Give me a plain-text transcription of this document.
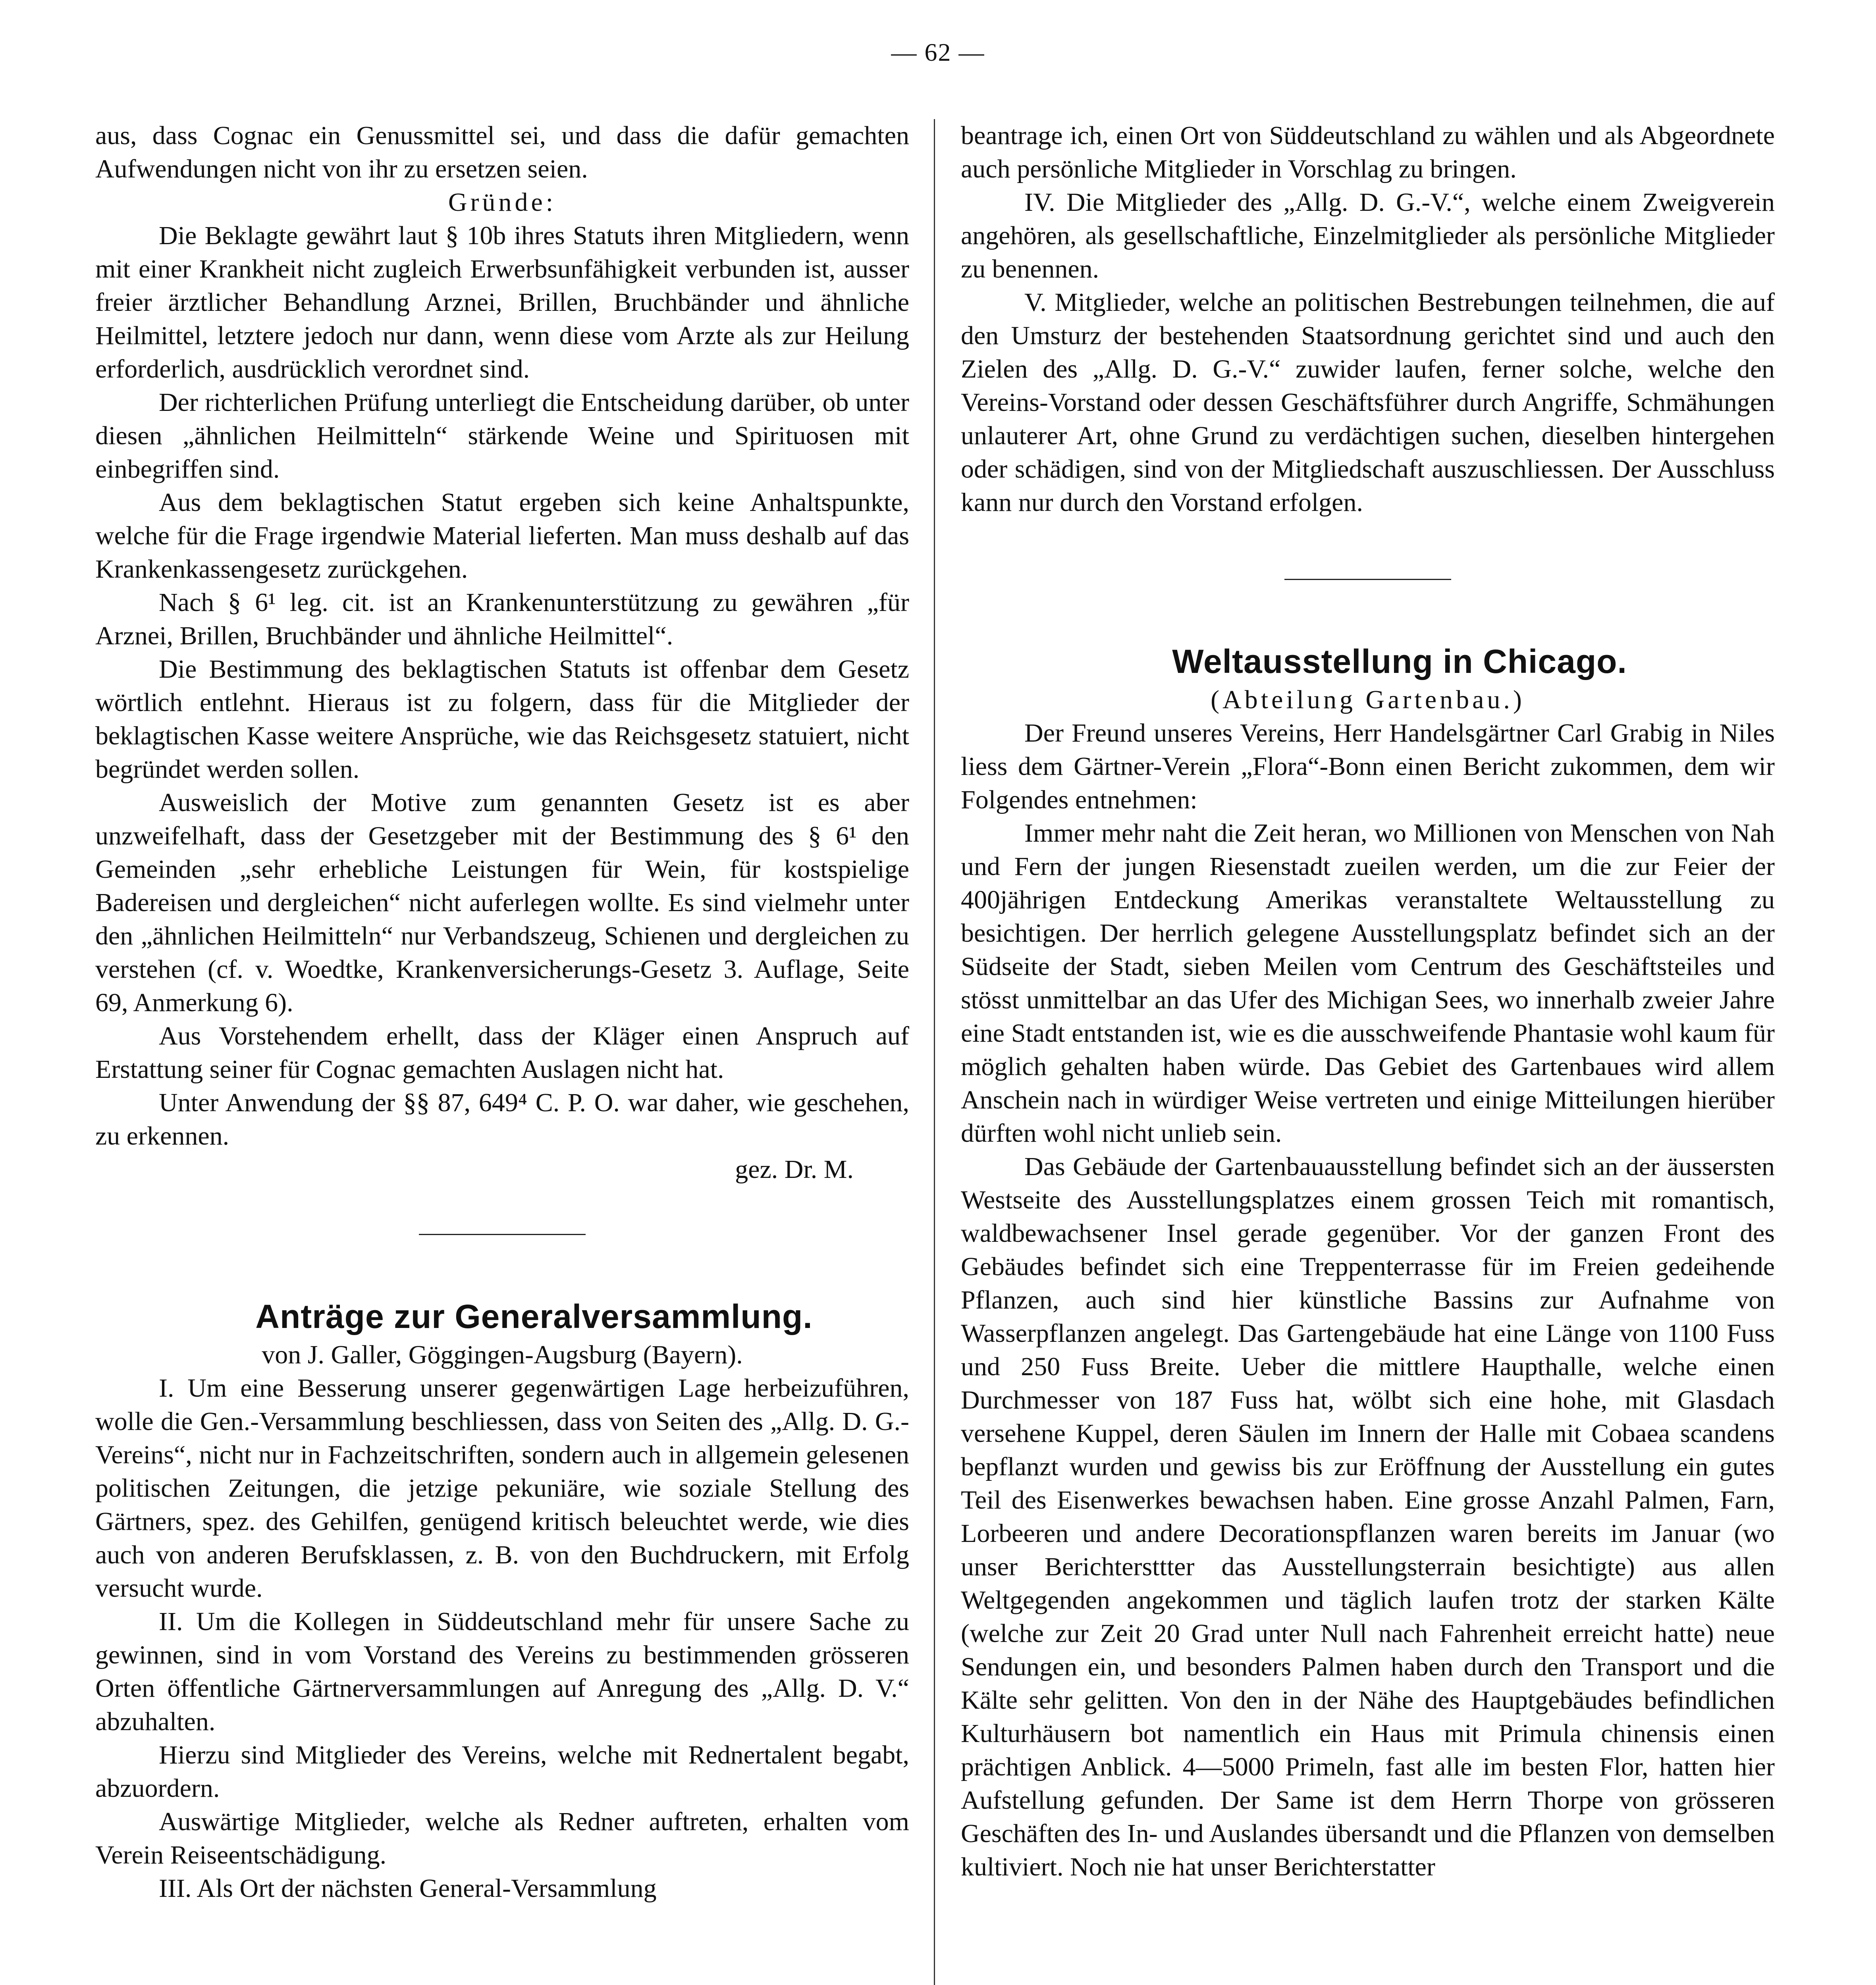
— 62 —

aus, dass Cognac ein Genussmittel sei, und dass die dafür gemachten Aufwendungen nicht von ihr zu ersetzen seien.

Gründe:

Die Beklagte gewährt laut § 10b ihres Statuts ihren Mitgliedern, wenn mit einer Krankheit nicht zugleich Erwerbsunfähigkeit verbunden ist, ausser freier ärztlicher Behandlung Arznei, Brillen, Bruchbänder und ähnliche Heilmittel, letztere jedoch nur dann, wenn diese vom Arzte als zur Heilung erforderlich, ausdrücklich verordnet sind.

Der richterlichen Prüfung unterliegt die Entscheidung darüber, ob unter diesen „ähnlichen Heilmitteln“ stärkende Weine und Spirituosen mit einbegriffen sind.

Aus dem beklagtischen Statut ergeben sich keine Anhaltspunkte, welche für die Frage irgendwie Material lieferten. Man muss deshalb auf das Krankenkassengesetz zurückgehen.

Nach § 6¹ leg. cit. ist an Krankenunterstützung zu gewähren „für Arznei, Brillen, Bruchbänder und ähnliche Heilmittel“.

Die Bestimmung des beklagtischen Statuts ist offenbar dem Gesetz wörtlich entlehnt. Hieraus ist zu folgern, dass für die Mitglieder der beklagtischen Kasse weitere Ansprüche, wie das Reichsgesetz statuiert, nicht begründet werden sollen.

Ausweislich der Motive zum genannten Gesetz ist es aber unzweifelhaft, dass der Gesetzgeber mit der Bestimmung des § 6¹ den Gemeinden „sehr erhebliche Leistungen für Wein, für kostspielige Badereisen und dergleichen“ nicht auferlegen wollte. Es sind vielmehr unter den „ähnlichen Heilmitteln“ nur Verbandszeug, Schienen und dergleichen zu verstehen (cf. v. Woedtke, Krankenversicherungs-Gesetz 3. Auflage, Seite 69, Anmerkung 6).

Aus Vorstehendem erhellt, dass der Kläger einen Anspruch auf Erstattung seiner für Cognac gemachten Auslagen nicht hat.

Unter Anwendung der §§ 87, 649⁴ C. P. O. war daher, wie geschehen, zu erkennen.

gez. Dr. M.

Anträge zur Generalversammlung.

von J. Galler, Göggingen-Augsburg (Bayern).

I. Um eine Besserung unserer gegenwärtigen Lage herbeizuführen, wolle die Gen.-Versammlung beschliessen, dass von Seiten des „Allg. D. G.-Vereins“, nicht nur in Fachzeitschriften, sondern auch in allgemein gelesenen politischen Zeitungen, die jetzige pekuniäre, wie soziale Stellung des Gärtners, spez. des Gehilfen, genügend kritisch beleuchtet werde, wie dies auch von anderen Berufsklassen, z. B. von den Buchdruckern, mit Erfolg versucht wurde.

II. Um die Kollegen in Süddeutschland mehr für unsere Sache zu gewinnen, sind in vom Vorstand des Vereins zu bestimmenden grösseren Orten öffentliche Gärtnerversammlungen auf Anregung des „Allg. D. V.“ abzuhalten.

Hierzu sind Mitglieder des Vereins, welche mit Rednertalent begabt, abzuordern.

Auswärtige Mitglieder, welche als Redner auftreten, erhalten vom Verein Reiseentschädigung.

III. Als Ort der nächsten General-Versammlung

beantrage ich, einen Ort von Süddeutschland zu wählen und als Abgeordnete auch persönliche Mitglieder in Vorschlag zu bringen.

IV. Die Mitglieder des „Allg. D. G.-V.“, welche einem Zweigverein angehören, als gesellschaftliche, Einzelmitglieder als persönliche Mitglieder zu benennen.

V. Mitglieder, welche an politischen Bestrebungen teilnehmen, die auf den Umsturz der bestehenden Staatsordnung gerichtet sind und auch den Zielen des „Allg. D. G.-V.“ zuwider laufen, ferner solche, welche den Vereins-Vorstand oder dessen Geschäftsführer durch Angriffe, Schmähungen unlauterer Art, ohne Grund zu verdächtigen suchen, dieselben hintergehen oder schädigen, sind von der Mitgliedschaft auszuschliessen. Der Ausschluss kann nur durch den Vorstand erfolgen.

Weltausstellung in Chicago.

(Abteilung Gartenbau.)

Der Freund unseres Vereins, Herr Handelsgärtner Carl Grabig in Niles liess dem Gärtner-Verein „Flora“-Bonn einen Bericht zukommen, dem wir Folgendes entnehmen:

Immer mehr naht die Zeit heran, wo Millionen von Menschen von Nah und Fern der jungen Riesenstadt zueilen werden, um die zur Feier der 400jährigen Entdeckung Amerikas veranstaltete Weltausstellung zu besichtigen. Der herrlich gelegene Ausstellungsplatz befindet sich an der Südseite der Stadt, sieben Meilen vom Centrum des Geschäftsteiles und stösst unmittelbar an das Ufer des Michigan Sees, wo innerhalb zweier Jahre eine Stadt entstanden ist, wie es die ausschweifende Phantasie wohl kaum für möglich gehalten haben würde. Das Gebiet des Gartenbaues wird allem Anschein nach in würdiger Weise vertreten und einige Mitteilungen hierüber dürften wohl nicht unlieb sein.

Das Gebäude der Gartenbauausstellung befindet sich an der äussersten Westseite des Ausstellungsplatzes einem grossen Teich mit romantisch, waldbewachsener Insel gerade gegenüber. Vor der ganzen Front des Gebäudes befindet sich eine Treppenterrasse für im Freien gedeihende Pflanzen, auch sind hier künstliche Bassins zur Aufnahme von Wasserpflanzen angelegt. Das Gartengebäude hat eine Länge von 1100 Fuss und 250 Fuss Breite. Ueber die mittlere Haupthalle, welche einen Durchmesser von 187 Fuss hat, wölbt sich eine hohe, mit Glasdach versehene Kuppel, deren Säulen im Innern der Halle mit Cobaea scandens bepflanzt wurden und gewiss bis zur Eröffnung der Ausstellung ein gutes Teil des Eisenwerkes bewachsen haben. Eine grosse Anzahl Palmen, Farn, Lorbeeren und andere Decorationspflanzen waren bereits im Januar (wo unser Berichtersttter das Ausstellungsterrain besichtigte) aus allen Weltgegenden angekommen und täglich laufen trotz der starken Kälte (welche zur Zeit 20 Grad unter Null nach Fahrenheit erreicht hatte) neue Sendungen ein, und besonders Palmen haben durch den Transport und die Kälte sehr gelitten. Von den in der Nähe des Hauptgebäudes befindlichen Kulturhäusern bot namentlich ein Haus mit Primula chinensis einen prächtigen Anblick. 4—5000 Primeln, fast alle im besten Flor, hatten hier Aufstellung gefunden. Der Same ist dem Herrn Thorpe von grösseren Geschäften des In- und Auslandes übersandt und die Pflanzen von demselben kultiviert. Noch nie hat unser Berichterstatter
